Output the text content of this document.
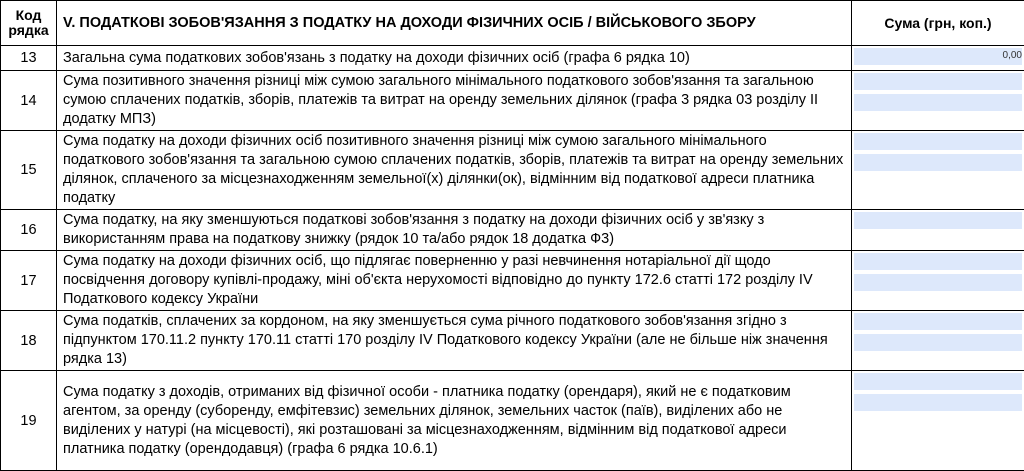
Код рядка	V. ПОДАТКОВІ ЗОБОВ'ЯЗАННЯ З ПОДАТКУ НА ДОХОДИ ФІЗИЧНИХ ОСІБ / ВІЙСЬКОВОГО ЗБОРУ	Сума (грн, коп.)
13	Загальна сума податкових зобов'язань з податку на доходи фізичних осіб (графа 6 рядка 10)	0,00

14	Сума позитивного значення різниці між сумою загального мінімального податкового зобов'язання та загальною сумою сплачених податків, зборів, платежів та витрат на оренду земельних ділянок (графа 3 рядка 03 розділу II додатку МПЗ)	

15	Сума податку на доходи фізичних осіб позитивного значення різниці між сумою загального мінімального податкового зобов'язання та загальною сумою сплачених податків, зборів, платежів та витрат на оренду земельних ділянок, сплаченого за місцезнаходженням земельної(х) ділянки(ок), відмінним від податкової адреси платника податку	

16	Сума податку, на яку зменшуються податкові зобов'язання з податку на доходи фізичних осіб у зв'язку з використанням права на податкову знижку (рядок 10 та/або рядок 18 додатка Ф3)	

17	Сума податку на доходи фізичних осіб, що підлягає поверненню у разі невчинення нотаріальної дії щодо посвідчення договору купівлі-продажу, міні об'єкта нерухомості відповідно до пункту 172.6 статті 172 розділу IV Податкового кодексу України	

18	Сума податків, сплачених за кордоном, на яку зменшується сума річного податкового зобов'язання згідно з підпунктом 170.11.2 пункту 170.11 статті 170 розділу IV Податкового кодексу України (але не більше ніж значення рядка 13)	

19	Сума податку з доходів, отриманих від фізичної особи - платника податку (орендаря), який не є податковим агентом, за оренду (суборенду, емфітевзис) земельних ділянок, земельних часток (паїв), виділених або не виділених у натурі (на місцевості), які розташовані за місцезнаходженням, відмінним від податкової адреси платника податку (орендодавця) (графа 6 рядка 10.6.1)	
